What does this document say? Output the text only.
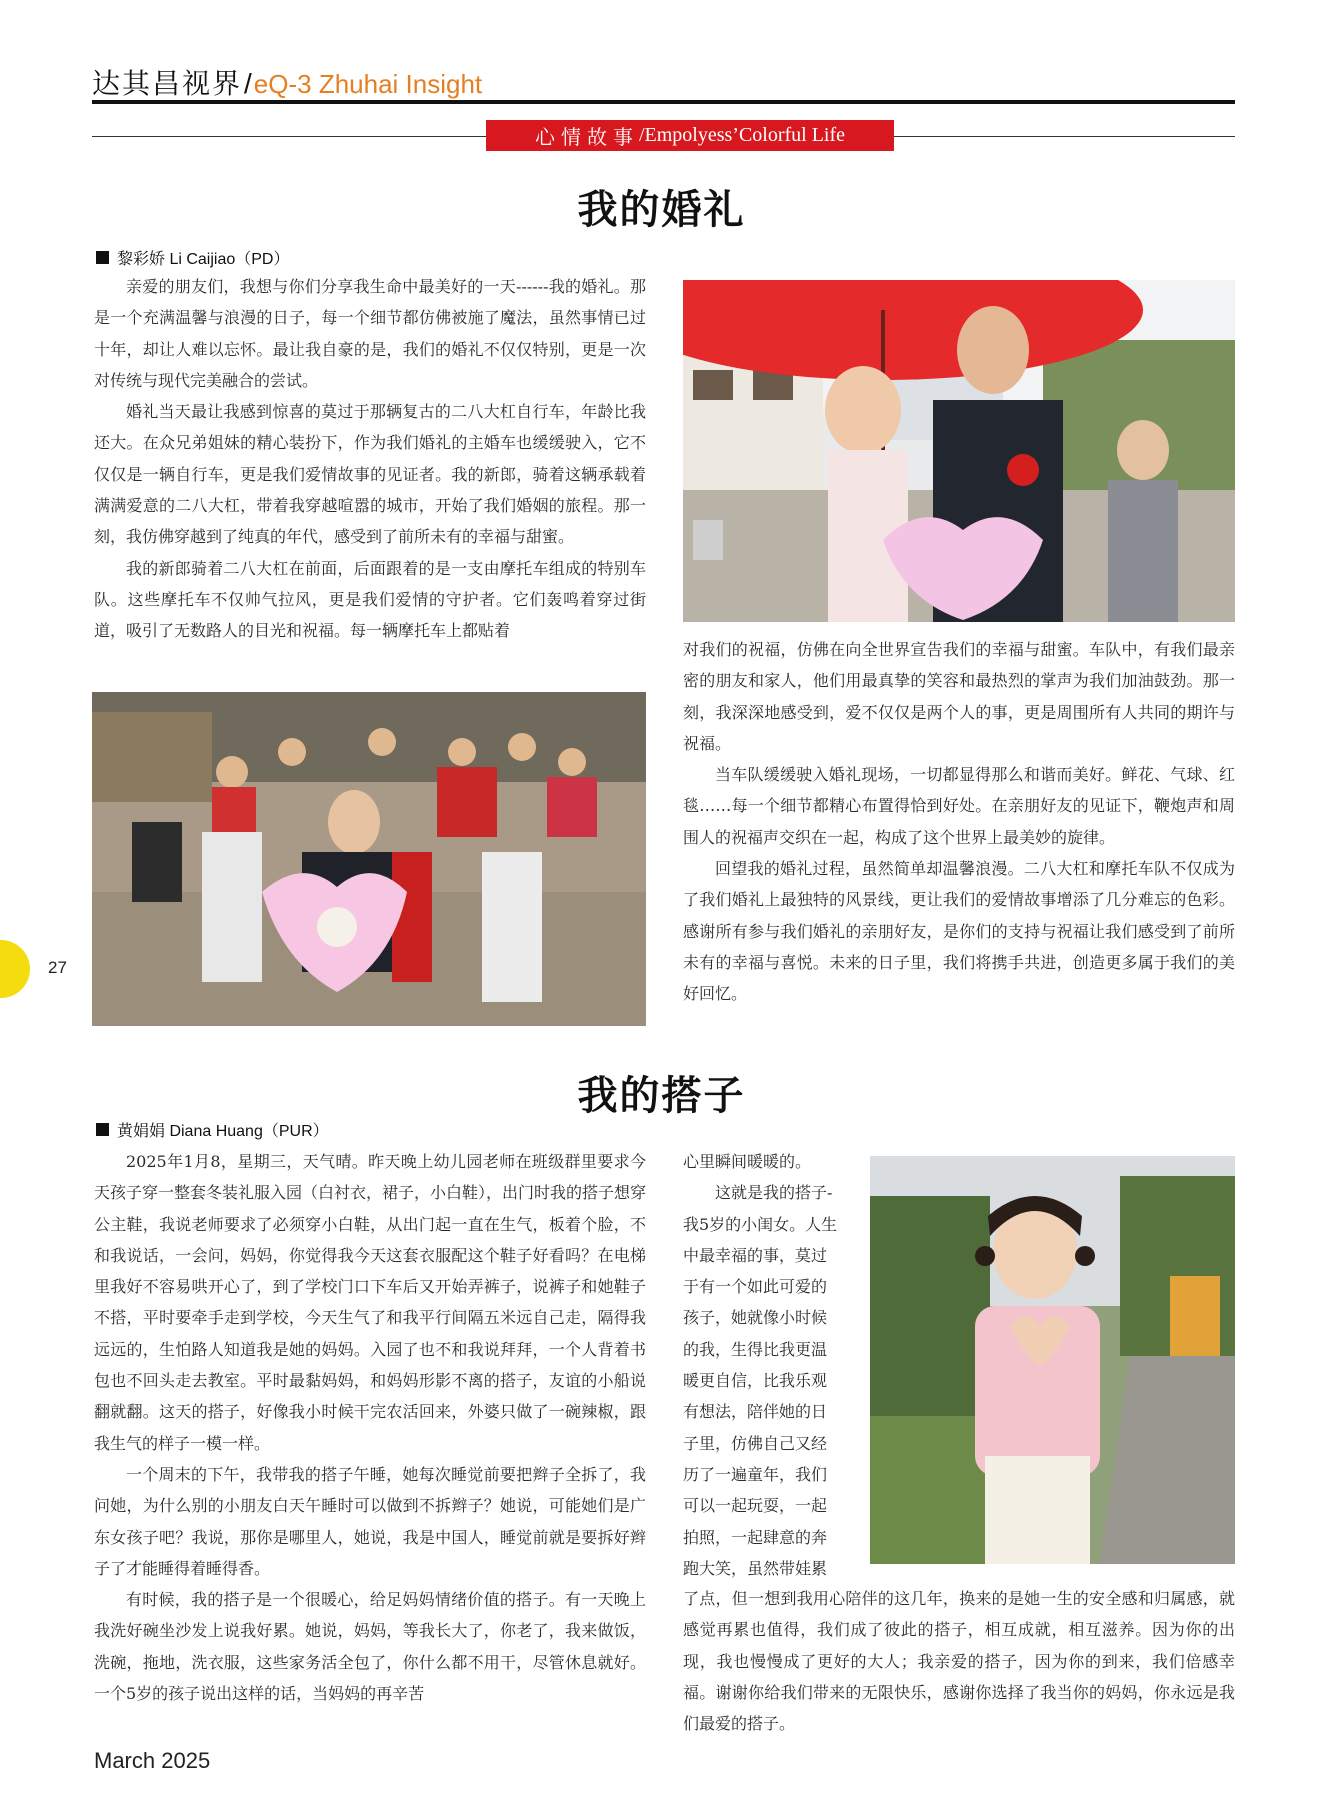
达其昌视界 / eQ-3 Zhuhai Insight
心情故事 /Empolyess’Colorful Life
我的婚礼
黎彩娇 Li Caijiao（PD）

亲爱的朋友们，我想与你们分享我生命中最美好的一天------我的婚礼。那是一个充满温馨与浪漫的日子，每一个细节都仿佛被施了魔法，虽然事情已过十年，却让人难以忘怀。最让我自豪的是，我们的婚礼不仅仅特别，更是一次对传统与现代完美融合的尝试。

婚礼当天最让我感到惊喜的莫过于那辆复古的二八大杠自行车，年龄比我还大。在众兄弟姐妹的精心装扮下，作为我们婚礼的主婚车也缓缓驶入，它不仅仅是一辆自行车，更是我们爱情故事的见证者。我的新郎，骑着这辆承载着满满爱意的二八大杠，带着我穿越喧嚣的城市，开始了我们婚姻的旅程。那一刻，我仿佛穿越到了纯真的年代，感受到了前所未有的幸福与甜蜜。

我的新郎骑着二八大杠在前面，后面跟着的是一支由摩托车组成的特别车队。这些摩托车不仅帅气拉风，更是我们爱情的守护者。它们轰鸣着穿过街道，吸引了无数路人的目光和祝福。每一辆摩托车上都贴着

对我们的祝福，仿佛在向全世界宣告我们的幸福与甜蜜。车队中，有我们最亲密的朋友和家人，他们用最真挚的笑容和最热烈的掌声为我们加油鼓劲。那一刻，我深深地感受到，爱不仅仅是两个人的事，更是周围所有人共同的期许与祝福。

当车队缓缓驶入婚礼现场，一切都显得那么和谐而美好。鲜花、气球、红毯……每一个细节都精心布置得恰到好处。在亲朋好友的见证下，鞭炮声和周围人的祝福声交织在一起，构成了这个世界上最美妙的旋律。

回望我的婚礼过程，虽然简单却温馨浪漫。二八大杠和摩托车队不仅成为了我们婚礼上最独特的风景线，更让我们的爱情故事增添了几分难忘的色彩。感谢所有参与我们婚礼的亲朋好友，是你们的支持与祝福让我们感受到了前所未有的幸福与喜悦。未来的日子里，我们将携手共进，创造更多属于我们的美好回忆。

我的搭子
黄娟娟 Diana Huang（PUR）

2025年1月8，星期三，天气晴。昨天晚上幼儿园老师在班级群里要求今天孩子穿一整套冬装礼服入园（白衬衣，裙子，小白鞋），出门时我的搭子想穿公主鞋，我说老师要求了必须穿小白鞋，从出门起一直在生气，板着个脸，不和我说话，一会问，妈妈，你觉得我今天这套衣服配这个鞋子好看吗？在电梯里我好不容易哄开心了，到了学校门口下车后又开始弄裤子，说裤子和她鞋子不搭，平时要牵手走到学校，今天生气了和我平行间隔五米远自己走，隔得我远远的，生怕路人知道我是她的妈妈。入园了也不和我说拜拜，一个人背着书包也不回头走去教室。平时最黏妈妈，和妈妈形影不离的搭子，友谊的小船说翻就翻。这天的搭子，好像我小时候干完农活回来，外婆只做了一碗辣椒，跟我生气的样子一模一样。

一个周末的下午，我带我的搭子午睡，她每次睡觉前要把辫子全拆了，我问她，为什么别的小朋友白天午睡时可以做到不拆辫子？她说，可能她们是广东女孩子吧？我说，那你是哪里人，她说，我是中国人，睡觉前就是要拆好辫子了才能睡得着睡得香。

有时候，我的搭子是一个很暖心，给足妈妈情绪价值的搭子。有一天晚上我洗好碗坐沙发上说我好累。她说，妈妈，等我长大了，你老了，我来做饭，洗碗，拖地，洗衣服，这些家务活全包了，你什么都不用干，尽管休息就好。一个5岁的孩子说出这样的话，当妈妈的再辛苦

心里瞬间暖暖的。

这就是我的搭子-
我5岁的小闺女。人生
中最幸福的事，莫过
于有一个如此可爱的
孩子，她就像小时候
的我，生得比我更温
暖更自信，比我乐观
有想法，陪伴她的日
子里，仿佛自己又经
历了一遍童年，我们
可以一起玩耍，一起
拍照，一起肆意的奔
跑大笑，虽然带娃累

了点，但一想到我用心陪伴的这几年，换来的是她一生的安全感和归属感，就感觉再累也值得，我们成了彼此的搭子，相互成就，相互滋养。因为你的出现，我也慢慢成了更好的大人；我亲爱的搭子，因为你的到来，我们倍感幸福。谢谢你给我们带来的无限快乐，感谢你选择了我当你的妈妈，你永远是我们最爱的搭子。

27
March 2025
